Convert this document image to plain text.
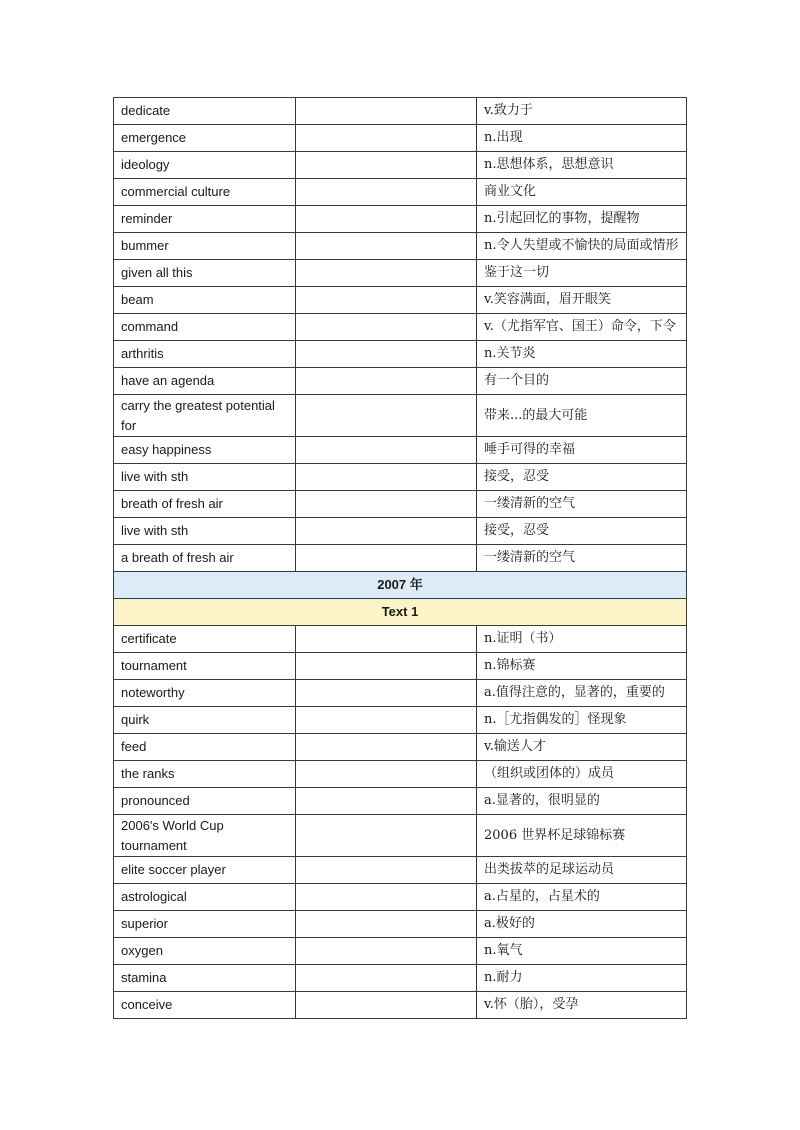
dedicate		v.致力于
emergence		n.出现
ideology		n.思想体系，思想意识
commercial culture		商业文化
reminder		n.引起回忆的事物，提醒物
bummer		n.令人失望或不愉快的局面或情形
given all this		鉴于这一切
beam		v.笑容满面，眉开眼笑
command		v.（尤指军官、国王）命令，下令
arthritis		n.关节炎
have an agenda		有一个目的
carry the greatest potential for		带来...的最大可能
easy happiness		唾手可得的幸福
live with sth		接受，忍受
breath of fresh air		一缕清新的空气
live with sth		接受，忍受
a breath of fresh air		一缕清新的空气
2007 年		
Text 1		
certificate		n.证明（书）
tournament		n.锦标赛
noteworthy		a.值得注意的，显著的，重要的
quirk		n.［尤指偶发的］怪现象
feed		v.输送人才
the ranks		（组织或团体的）成员
pronounced		a.显著的，很明显的
2006's World Cup tournament		2006 世界杯足球锦标赛
elite soccer player		出类拔萃的足球运动员
astrological		a.占星的，占星术的
superior		a.极好的
oxygen		n.氧气
stamina		n.耐力
conceive		v.怀（胎），受孕
